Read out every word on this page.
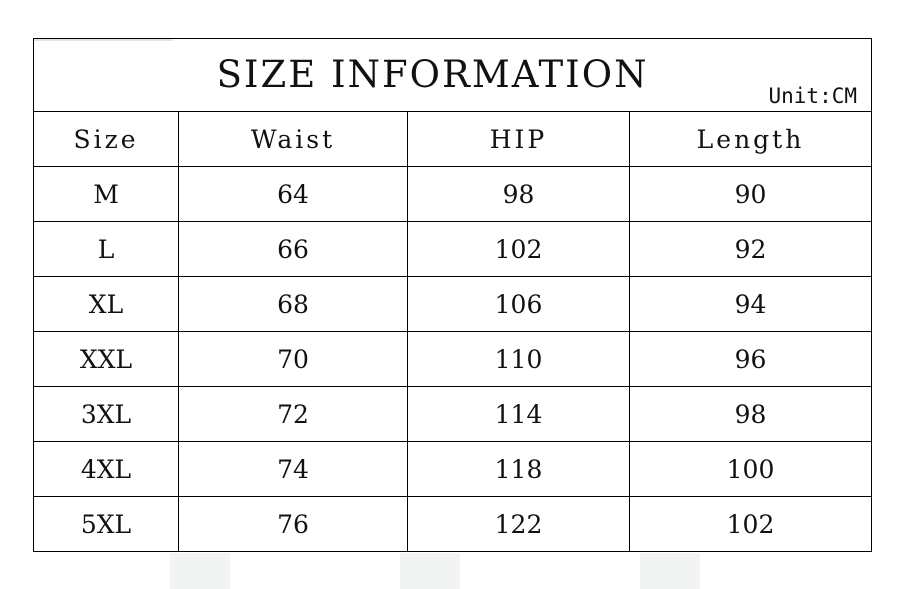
SIZE INFORMATION Unit:CM			

Size	Waist	HIP	Length
M	64	98	90
L	66	102	92
XL	68	106	94
XXL	70	110	96
3XL	72	114	98
4XL	74	118	100
5XL	76	122	102
